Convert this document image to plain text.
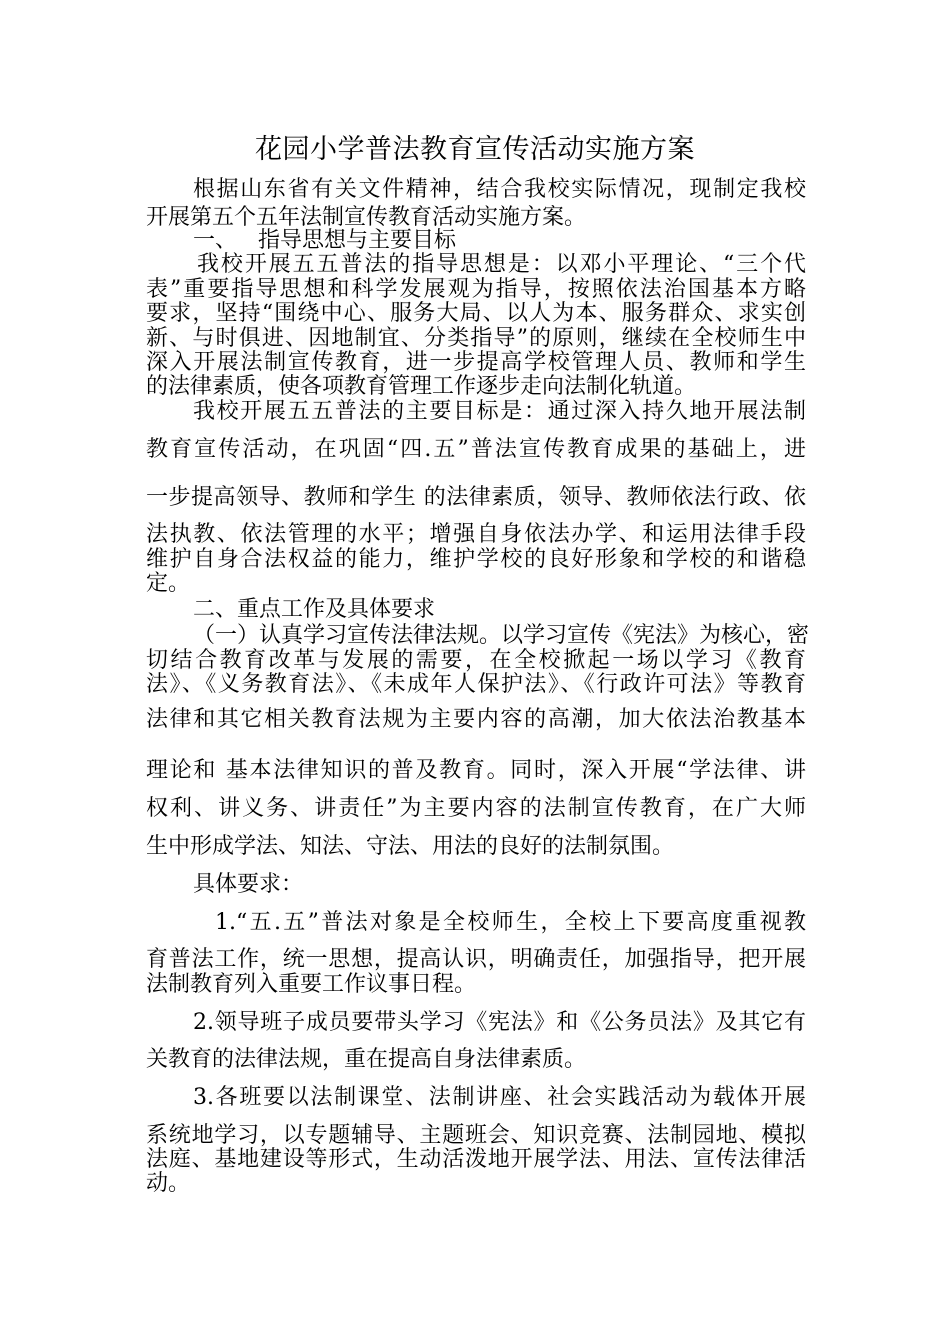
花园小学普法教育宣传活动实施方案
根据山东省有关文件精神，结合我校实际情况，现制定我校
开展第五个五年法制宣传教育活动实施方案。
一、   指导思想与主要目标
我校开展五五普法的指导思想是：以邓小平理论、“三个代
表”重要指导思想和科学发展观为指导，按照依法治国基本方略
要求，坚持“围绕中心、服务大局、以人为本、服务群众、求实创
新、与时俱进、因地制宜、分类指导”的原则，继续在全校师生中
深入开展法制宣传教育，进一步提高学校管理人员、教师和学生
的法律素质，使各项教育管理工作逐步走向法制化轨道。
我校开展五五普法的主要目标是：通过深入持久地开展法制
教育宣传活动，在巩固“四.五”普法宣传教育成果的基础上，进
一步提高领导、教师和学生 的法律素质，领导、教师依法行政、依
法执教、依法管理的水平；增强自身依法办学、和运用法律手段
维护自身合法权益的能力，维护学校的良好形象和学校的和谐稳
定。
二、重点工作及具体要求
（一）认真学习宣传法律法规。以学习宣传《宪法》为核心，密
切结合教育改革与发展的需要，在全校掀起一场以学习《教育
法》、《义务教育法》、《未成年人保护法》、《行政许可法》等教育
法律和其它相关教育法规为主要内容的高潮，加大依法治教基本
理论和 基本法律知识的普及教育。同时，深入开展“学法律、讲
权利、讲义务、讲责任”为主要内容的法制宣传教育，在广大师
生中形成学法、知法、守法、用法的良好的法制氛围。
具体要求：
1.“五.五”普法对象是全校师生，全校上下要高度重视教
育普法工作，统一思想，提高认识，明确责任，加强指导，把开展
法制教育列入重要工作议事日程。
2.领导班子成员要带头学习《宪法》和《公务员法》及其它有
关教育的法律法规，重在提高自身法律素质。
3.各班要以法制课堂、法制讲座、社会实践活动为载体开展
系统地学习，以专题辅导、主题班会、知识竞赛、法制园地、模拟
法庭、基地建设等形式，生动活泼地开展学法、用法、宣传法律活
动。
